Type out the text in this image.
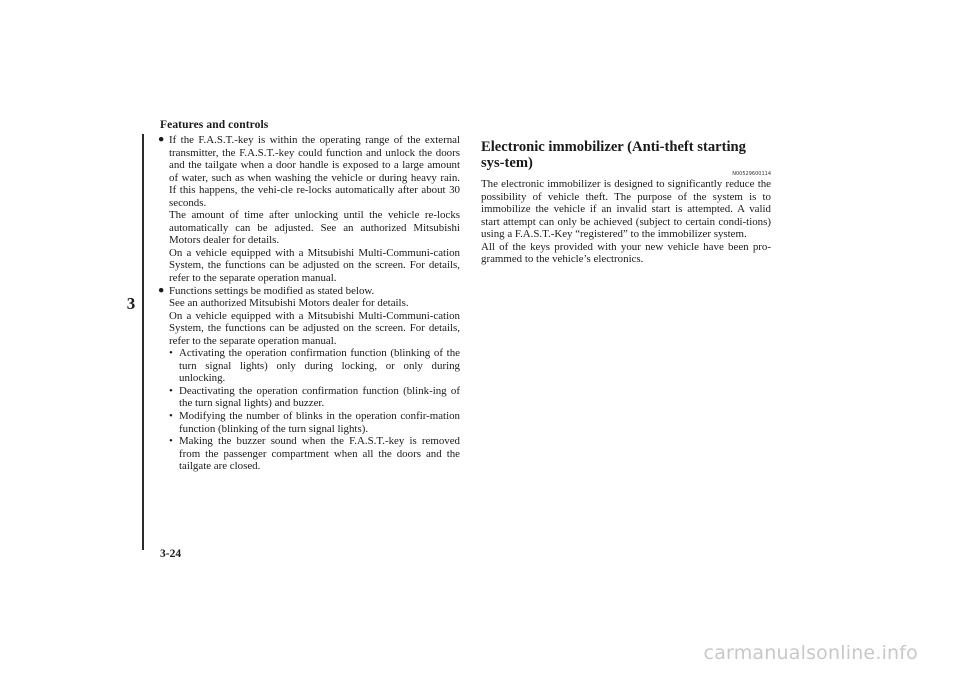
Features and controls
3
● If the F.A.S.T.-key is within the operating range of the external transmitter, the F.A.S.T.-key could function and unlock the doors and the tailgate when a door handle is exposed to a large amount of water, such as when washing the vehicle or during heavy rain. If this happens, the vehi-cle re-locks automatically after about 30 seconds.

The amount of time after unlocking until the vehicle re-locks automatically can be adjusted. See an authorized Mitsubishi Motors dealer for details.

On a vehicle equipped with a Mitsubishi Multi-Communi-cation System, the functions can be adjusted on the screen. For details, refer to the separate operation manual.

● Functions settings be modified as stated below.

See an authorized Mitsubishi Motors dealer for details.

On a vehicle equipped with a Mitsubishi Multi-Communi-cation System, the functions can be adjusted on the screen. For details, refer to the separate operation manual.

• Activating the operation confirmation function (blinking of the turn signal lights) only during locking, or only during unlocking.
• Deactivating the operation confirmation function (blink-ing of the turn signal lights) and buzzer.
• Modifying the number of blinks in the operation confir-mation function (blinking of the turn signal lights).
• Making the buzzer sound when the F.A.S.T.-key is removed from the passenger compartment when all the doors and the tailgate are closed.
Electronic immobilizer (Anti-theft starting sys-tem)
N00529600114

The electronic immobilizer is designed to significantly reduce the possibility of vehicle theft. The purpose of the system is to immobilize the vehicle if an invalid start is attempted. A valid start attempt can only be achieved (subject to certain condi-tions) using a F.A.S.T.-Key “registered” to the immobilizer system.

All of the keys provided with your new vehicle have been pro-grammed to the vehicle’s electronics.

3-24
carmanualsonline.info
